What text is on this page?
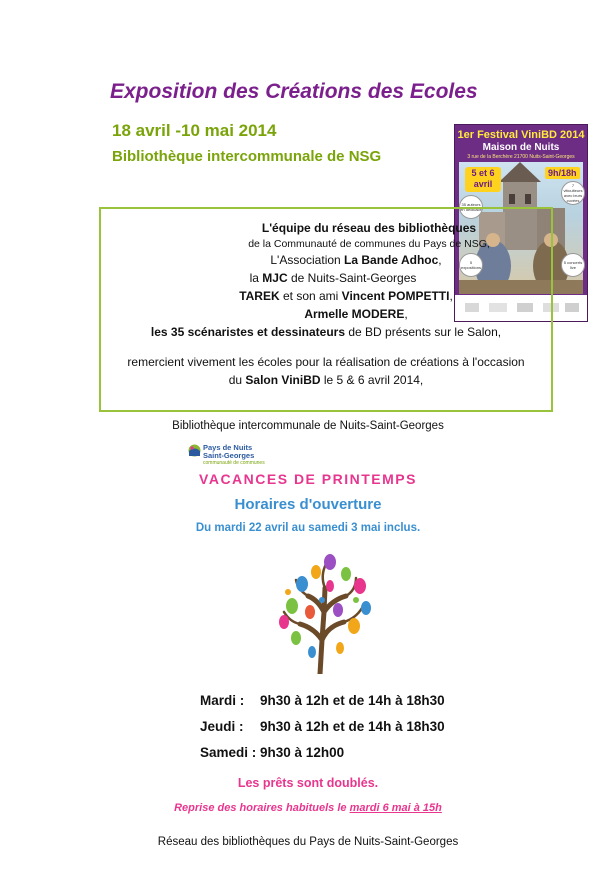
Exposition des Créations des Ecoles
18 avril -10 mai 2014
Bibliothèque intercommunale de NSG
1er Festival ViniBD 2014
Maison de Nuits
3 rue de la Berchère 21700 Nuits-Saint-Georges
5 et 6
avril
9h/18h
35 auteurs en dédicace
7 viticulteurs avec leurs cuvées
5 expositions
5 concerts live
L'équipe du réseau des bibliothèques
de la Communauté de communes du Pays de NSG,
L'Association La Bande Adhoc,
la MJC de Nuits-Saint-Georges
TAREK et son ami Vincent POMPETTI,
Armelle MODERE,
les 35 scénaristes et dessinateurs de BD présents sur le Salon,
remercient vivement les écoles pour la réalisation de créations à l'occasion
du Salon ViniBD le 5 & 6 avril 2014,
Bibliothèque intercommunale de Nuits-Saint-Georges
Pays de Nuits
Saint-Georges
communauté de communes
VACANCES DE PRINTEMPS
Horaires d'ouverture
Du mardi 22 avril au samedi 3 mai inclus.
Mardi : 9h30 à 12h et de 14h à 18h30
Jeudi : 9h30 à 12h et de 14h à 18h30
Samedi : 9h30 à 12h00
Les prêts sont doublés.
Reprise des horaires habituels le mardi 6 mai à 15h
Réseau des bibliothèques du Pays de Nuits-Saint-Georges
